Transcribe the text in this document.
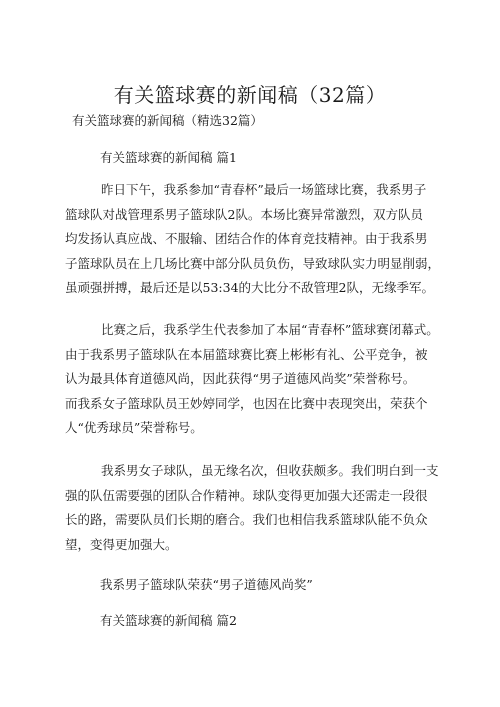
有关篮球赛的新闻稿（32篇）
有关篮球赛的新闻稿（精选32篇）
有关篮球赛的新闻稿 篇1
昨日下午，我系参加“青春杯”最后一场篮球比赛，我系男子
篮球队对战管理系男子篮球队2队。本场比赛异常激烈，双方队员
均发扬认真应战、不服输、团结合作的体育竞技精神。由于我系男
子篮球队员在上几场比赛中部分队员负伤，导致球队实力明显削弱，
虽顽强拼搏，最后还是以53:34的大比分不敌管理2队，无缘季军。
比赛之后，我系学生代表参加了本届“青春杯”篮球赛闭幕式。
由于我系男子篮球队在本届篮球赛比赛上彬彬有礼、公平竞争，被
认为最具体育道德风尚，因此获得“男子道德风尚奖”荣誉称号。
而我系女子篮球队员王妙婷同学，也因在比赛中表现突出，荣获个
人“优秀球员”荣誉称号。
我系男女子球队，虽无缘名次，但收获颇多。我们明白到一支
强的队伍需要强的团队合作精神。球队变得更加强大还需走一段很
长的路，需要队员们长期的磨合。我们也相信我系篮球队能不负众
望，变得更加强大。
我系男子篮球队荣获“男子道德风尚奖”
有关篮球赛的新闻稿 篇2
